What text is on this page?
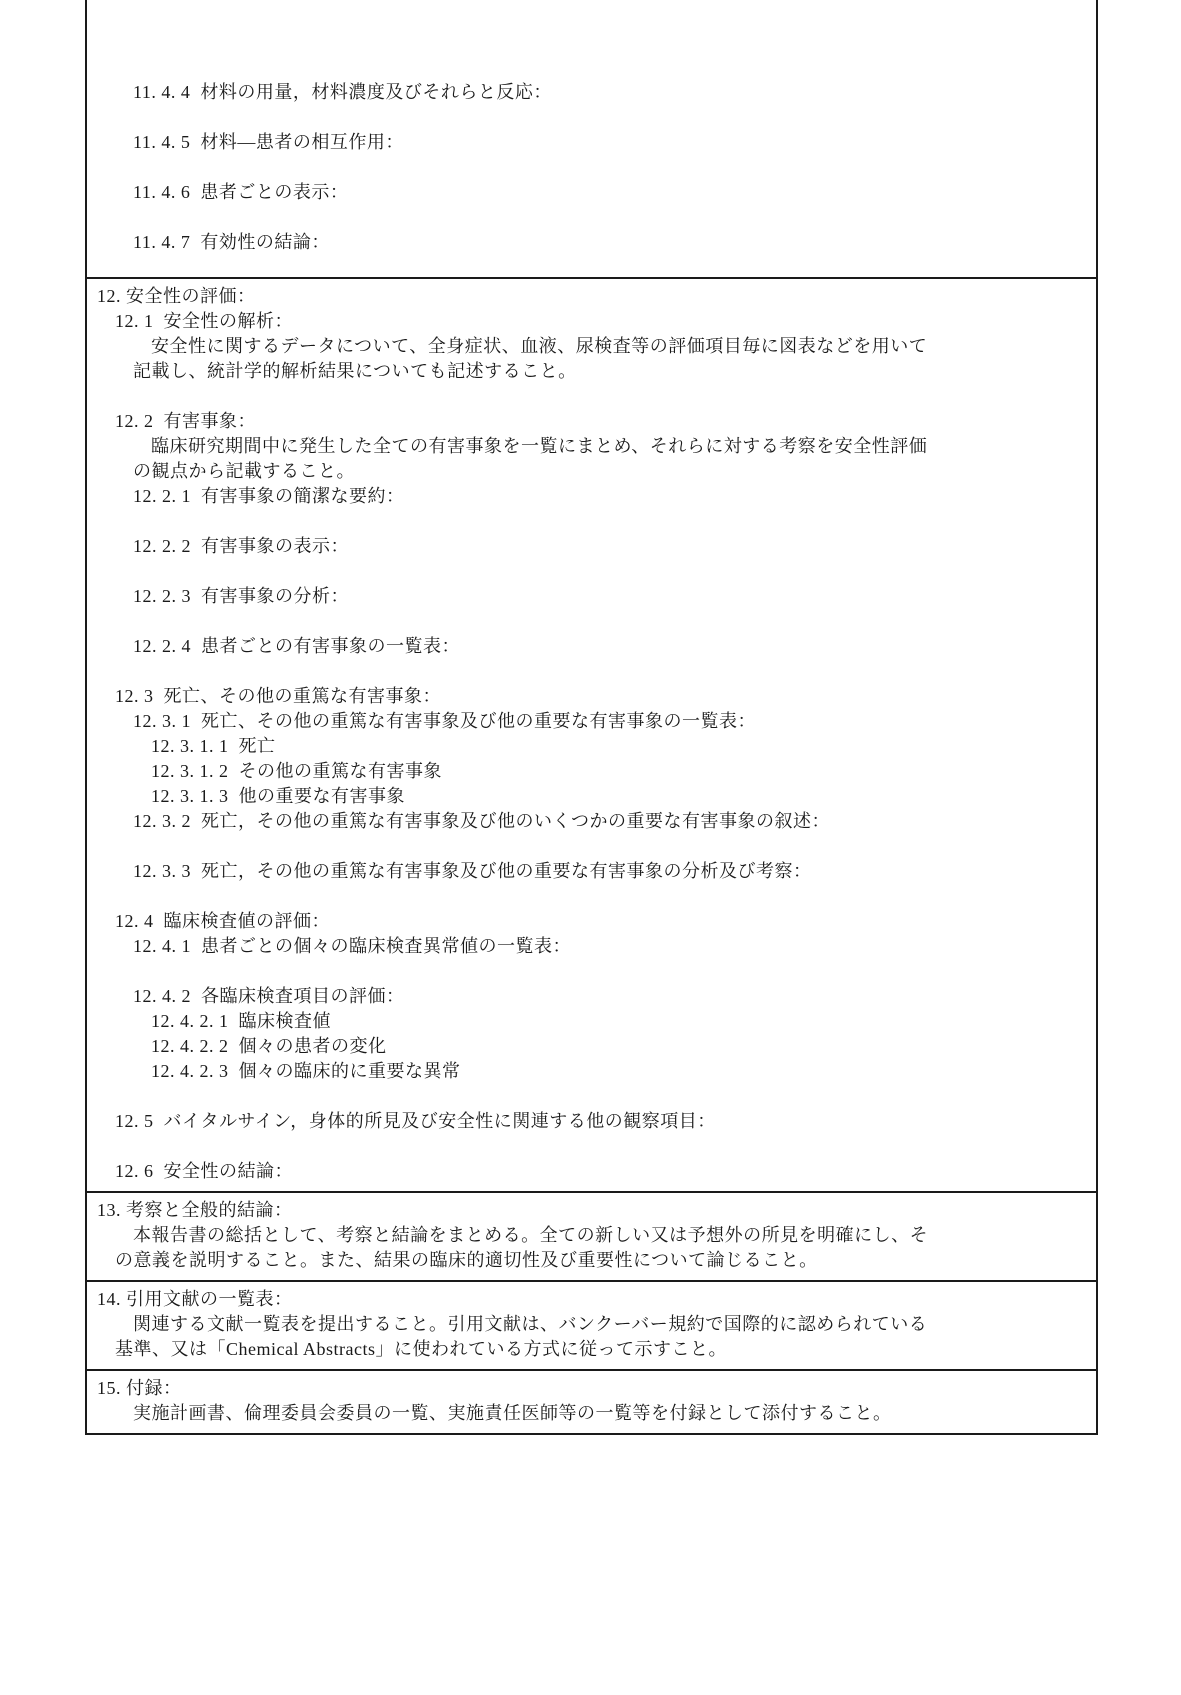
11. 4. 4  材料の用量，材料濃度及びそれらと反応：

11. 4. 5  材料―患者の相互作用：

11. 4. 6  患者ごとの表示：

11. 4. 7  有効性の結論：
12. 安全性の評価：
12. 1  安全性の解析：
安全性に関するデータについて、全身症状、血液、尿検査等の評価項目毎に図表などを用いて
記載し、統計学的解析結果についても記述すること。

12. 2  有害事象：
臨床研究期間中に発生した全ての有害事象を一覧にまとめ、それらに対する考察を安全性評価
の観点から記載すること。
12. 2. 1  有害事象の簡潔な要約：

12. 2. 2  有害事象の表示：

12. 2. 3  有害事象の分析：

12. 2. 4  患者ごとの有害事象の一覧表：

12. 3  死亡、その他の重篤な有害事象：
12. 3. 1  死亡、その他の重篤な有害事象及び他の重要な有害事象の一覧表：
12. 3. 1. 1  死亡
12. 3. 1. 2  その他の重篤な有害事象
12. 3. 1. 3  他の重要な有害事象
12. 3. 2  死亡，その他の重篤な有害事象及び他のいくつかの重要な有害事象の叙述：

12. 3. 3  死亡，その他の重篤な有害事象及び他の重要な有害事象の分析及び考察：

12. 4  臨床検査値の評価：
12. 4. 1  患者ごとの個々の臨床検査異常値の一覧表：

12. 4. 2  各臨床検査項目の評価：
12. 4. 2. 1  臨床検査値
12. 4. 2. 2  個々の患者の変化
12. 4. 2. 3  個々の臨床的に重要な異常

12. 5  バイタルサイン，身体的所見及び安全性に関連する他の観察項目：

12. 6  安全性の結論：
13. 考察と全般的結論：
本報告書の総括として、考察と結論をまとめる。全ての新しい又は予想外の所見を明確にし、そ
の意義を説明すること。また、結果の臨床的適切性及び重要性について論じること。
14. 引用文献の一覧表：
関連する文献一覧表を提出すること。引用文献は、バンクーバー規約で国際的に認められている
基準、又は「Chemical Abstracts」に使われている方式に従って示すこと。
15. 付録：
実施計画書、倫理委員会委員の一覧、実施責任医師等の一覧等を付録として添付すること。
